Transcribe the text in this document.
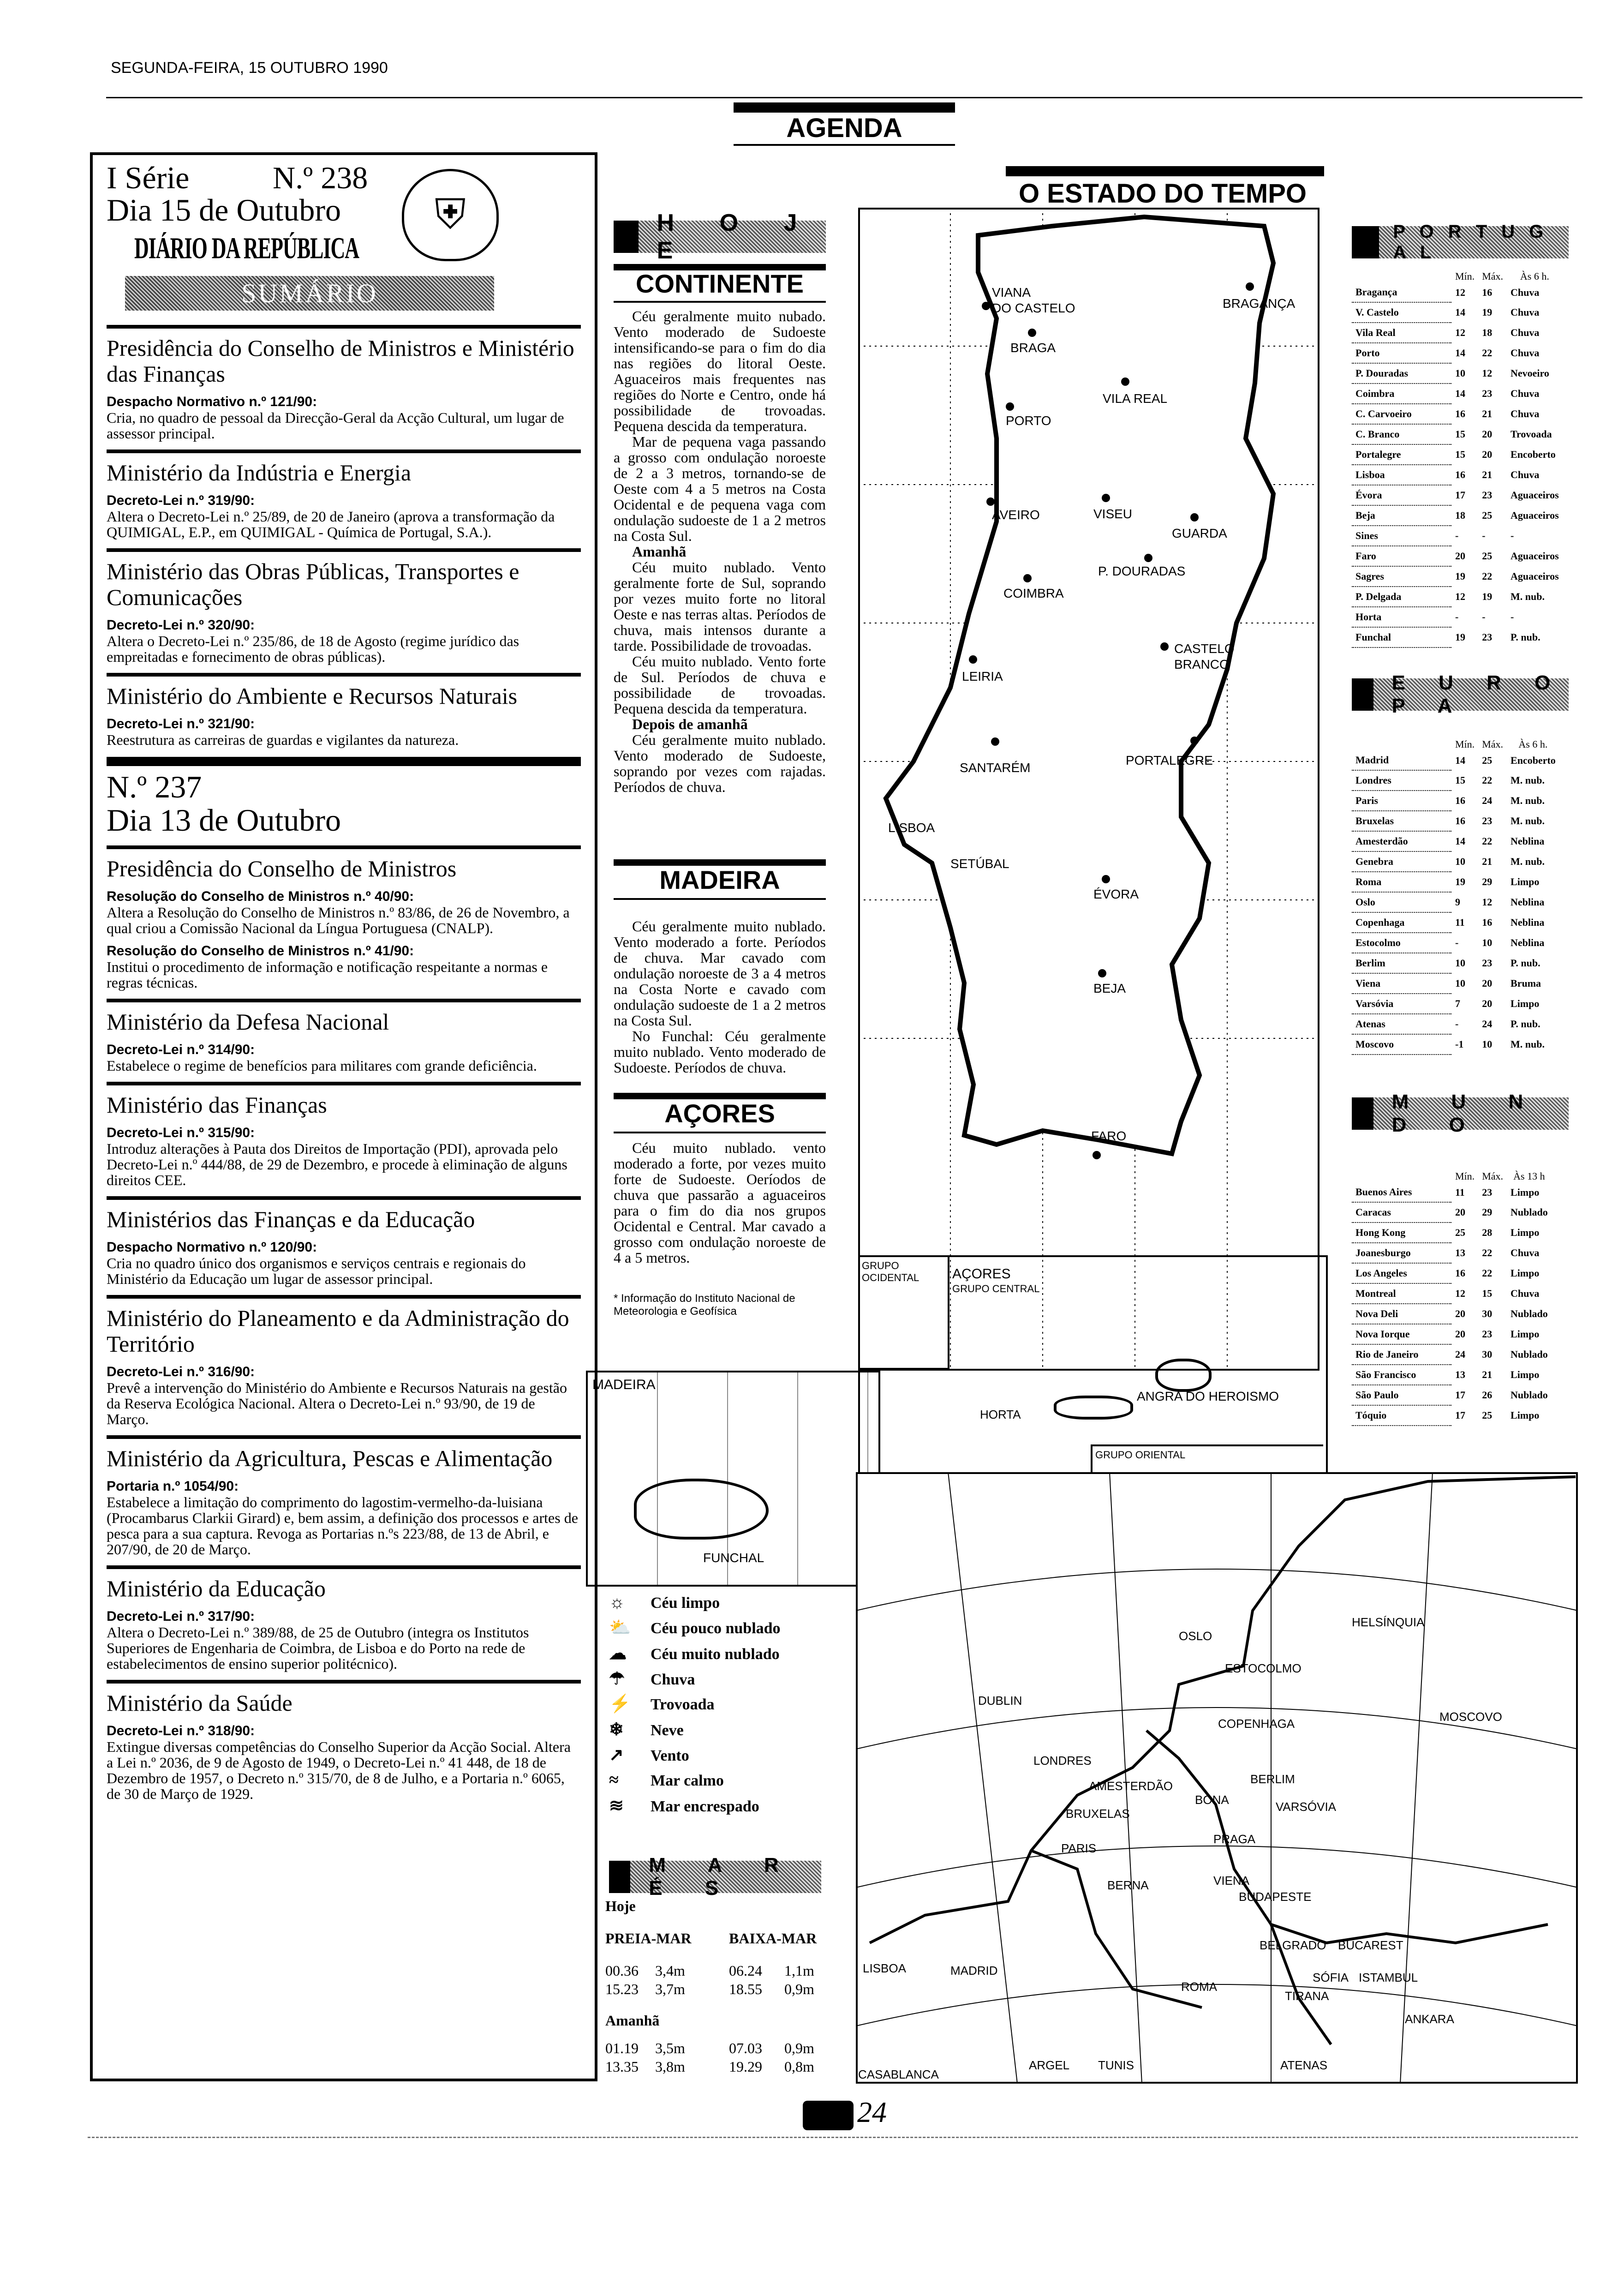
SEGUNDA-FEIRA, 15 OUTUBRO 1990
AGENDA
I Série	N.º 238
Dia 15 de Outubro	⛨
DIÁRIO DA REPÚBLICA
SUMÁRIO
Presidência do Conselho de Ministros e Ministério das Finanças
Despacho Normativo n.º 121/90:
Cria, no quadro de pessoal da Direcção-Geral da Acção Cultural, um lugar de assessor principal.
Ministério da Indústria e Energia
Decreto-Lei n.º 319/90:
Altera o Decreto-Lei n.º 25/89, de 20 de Janeiro (aprova a transformação da QUIMIGAL, E.P., em QUIMIGAL - Química de Portugal, S.A.).
Ministério das Obras Públicas, Transportes e Comunicações
Decreto-Lei n.º 320/90:
Altera o Decreto-Lei n.º 235/86, de 18 de Agosto (regime jurídico das empreitadas e fornecimento de obras públicas).
Ministério do Ambiente e Recursos Naturais
Decreto-Lei n.º 321/90:
Reestrutura as carreiras de guardas e vigilantes da natureza.
N.º 237
Dia 13 de Outubro
Presidência do Conselho de Ministros
Resolução do Conselho de Ministros n.º 40/90:
Altera a Resolução do Conselho de Ministros n.º 83/86, de 26 de Novembro, a qual criou a Comissão Nacional da Língua Portuguesa (CNALP).
Resolução do Conselho de Ministros n.º 41/90:
Institui o procedimento de informação e notificação respeitante a normas e regras técnicas.
Ministério da Defesa Nacional
Decreto-Lei n.º 314/90:
Estabelece o regime de benefícios para militares com grande deficiência.
Ministério das Finanças
Decreto-Lei n.º 315/90:
Introduz alterações à Pauta dos Direitos de Importação (PDI), aprovada pelo Decreto-Lei n.º 444/88, de 29 de Dezembro, e procede à eliminação de alguns direitos CEE.
Ministérios das Finanças e da Educação
Despacho Normativo n.º 120/90:
Cria no quadro único dos organismos e serviços centrais e regionais do Ministério da Educação um lugar de assessor principal.
Ministério do Planeamento e da Administração do Território
Decreto-Lei n.º 316/90:
Prevê a intervenção do Ministério do Ambiente e Recursos Naturais na gestão da Reserva Ecológica Nacional. Altera o Decreto-Lei n.º 93/90, de 19 de Março.
Ministério da Agricultura, Pescas e Alimentação
Portaria n.º 1054/90:
Estabelece a limitação do comprimento do lagostim-vermelho-da-luisiana (Procambarus Clarkii Girard) e, bem assim, a definição dos processos e artes de pesca para a sua captura. Revoga as Portarias n.ºs 223/88, de 13 de Abril, e 207/90, de 20 de Março.
Ministério da Educação
Decreto-Lei n.º 317/90:
Altera o Decreto-Lei n.º 389/88, de 25 de Outubro (integra os Institutos Superiores de Engenharia de Coimbra, de Lisboa e do Porto na rede de estabelecimentos de ensino superior politécnico).
Ministério da Saúde
Decreto-Lei n.º 318/90:
Extingue diversas competências do Conselho Superior da Acção Social. Altera a Lei n.º 2036, de 9 de Agosto de 1949, o Decreto-Lei n.º 41 448, de 18 de Dezembro de 1957, o Decreto n.º 315/70, de 8 de Julho, e a Portaria n.º 6065, de 30 de Março de 1929.
O ESTADO DO TEMPO
H O J E
CONTINENTE
Céu geralmente muito nubado. Vento moderado de Sudoeste intensificando-se para o fim do dia nas regiões do litoral Oeste. Aguaceiros mais frequentes nas regiões do Norte e Centro, onde há possibilidade de trovoadas. Pequena descida da temperatura.
Mar de pequena vaga passando a grosso com ondulação noroeste de 2 a 3 metros, tornando-se de Oeste com 4 a 5 metros na Costa Ocidental e de pequena vaga com ondulação sudoeste de 1 a 2 metros na Costa Sul.
Amanhã
Céu muito nublado. Vento geralmente forte de Sul, soprando por vezes muito forte no litoral Oeste e nas terras altas. Períodos de chuva, mais intensos durante a tarde. Possibilidade de trovoadas.
Céu muito nublado. Vento forte de Sul. Períodos de chuva e possibilidade de trovoadas. Pequena descida da temperatura.
Depois de amanhã
Céu geralmente muito nublado. Vento moderado de Sudoeste, soprando por vezes com rajadas. Períodos de chuva.
MADEIRA
Céu geralmente muito nublado. Vento moderado a forte. Períodos de chuva. Mar cavado com ondulação noroeste de 3 a 4 metros na Costa Norte e cavado com ondulação sudoeste de 1 a 2 metros na Costa Sul.
No Funchal: Céu geralmente muito nublado. Vento moderado de Sudoeste. Períodos de chuva.
AÇORES
Céu muito nublado. vento moderado a forte, por vezes muito forte de Sudoeste. Oeríodos de chuva que passarão a aguaceiros para o fim do dia nos grupos Ocidental e Central. Mar cavado a grosso com ondulação noroeste de 4 a 5 metros.
* Informação do Instituto Nacional de Meteorologia e Geofísica
MADEIRA
FUNCHAL
GRUPO OCIDENTAL	AÇORES
GRUPO CENTRAL
HORTA
ANGRA DO HEROISMO
GRUPO ORIENTAL
VIANA
DO CASTELO
BRAGA
BRAGANÇA
VILA REAL
PORTO
AVEIRO	VISEU
GUARDA
P. DOURADAS
COIMBRA
CASTELO
BRANCO
LEIRIA
SANTARÉM
PORTALEGRE
LISBOA
SETÚBAL
ÉVORA
BEJA
FARO
☼ Céu limpo
⛅ Céu pouco nublado
☁ Céu muito nublado
☂ Chuva
⚡ Trovoada
❄ Neve
↗ Vento
≈ Mar calmo
≋ Mar encrespado
M A R É S
Hoje
PREIA-MAR	BAIXA-MAR
00.36 3,4m	06.24 1,1m
15.23 3,7m	18.55 0,9m
Amanhã
01.19 3,5m	07.03 0,9m
13.35 3,8m	19.29 0,8m
OSLO
HELSÍNQUIA
ESTOCOLMO
MOSCOVO
DUBLIN
COPENHAGA
LONDRES
AMESTERDÃO	BERLIM
BRUXELAS
BONA	VARSÓVIA
PARIS
PRAGA
BERNA	VIENA
BUDAPESTE
BELGRADO BUCAREST
LISBOA	MADRID
ROMA
SÓFIA ISTAMBUL
TIRANA
ANKARA
ATENAS
CASABLANCA
ARGEL TUNIS
P O R T U G A L
	Mín.	Máx.	Às 6 h.
Bragança	12	16	Chuva
V. Castelo	14	19	Chuva
Vila Real	12	18	Chuva
Porto	14	22	Chuva
P. Douradas	10	12	Nevoeiro
Coimbra	14	23	Chuva
C. Carvoeiro	16	21	Chuva
C. Branco	15	20	Trovoada
Portalegre	15	20	Encoberto
Lisboa	16	21	Chuva
Évora	17	23	Aguaceiros
Beja	18	25	Aguaceiros
Sines	-	-	-
Faro	20	25	Aguaceiros
Sagres	19	22	Aguaceiros
P. Delgada	12	19	M. nub.
Horta	-	-	-
Funchal	19	23	P. nub.
E U R O P A
	Mín.	Máx.	Às 6 h.
Madrid	14	25	Encoberto
Londres	15	22	M. nub.
Paris	16	24	M. nub.
Bruxelas	16	23	M. nub.
Amesterdão	14	22	Neblina
Genebra	10	21	M. nub.
Roma	19	29	Limpo
Oslo	9	12	Neblina
Copenhaga	11	16	Neblina
Estocolmo	-	10	Neblina
Berlim	10	23	P. nub.
Viena	10	20	Bruma
Varsóvia	7	20	Limpo
Atenas	-	24	P. nub.
Moscovo	-1	10	M. nub.
M U N D O
	Mín.	Máx.	Às 13 h
Buenos Aires	11	23	Limpo
Caracas	20	29	Nublado
Hong Kong	25	28	Limpo
Joanesburgo	13	22	Chuva
Los Angeles	16	22	Limpo
Montreal	12	15	Chuva
Nova Deli	20	30	Nublado
Nova Iorque	20	23	Limpo
Rio de Janeiro	24	30	Nublado
São Francisco	13	21	Limpo
São Paulo	17	26	Nublado
Tóquio	17	25	Limpo
24
